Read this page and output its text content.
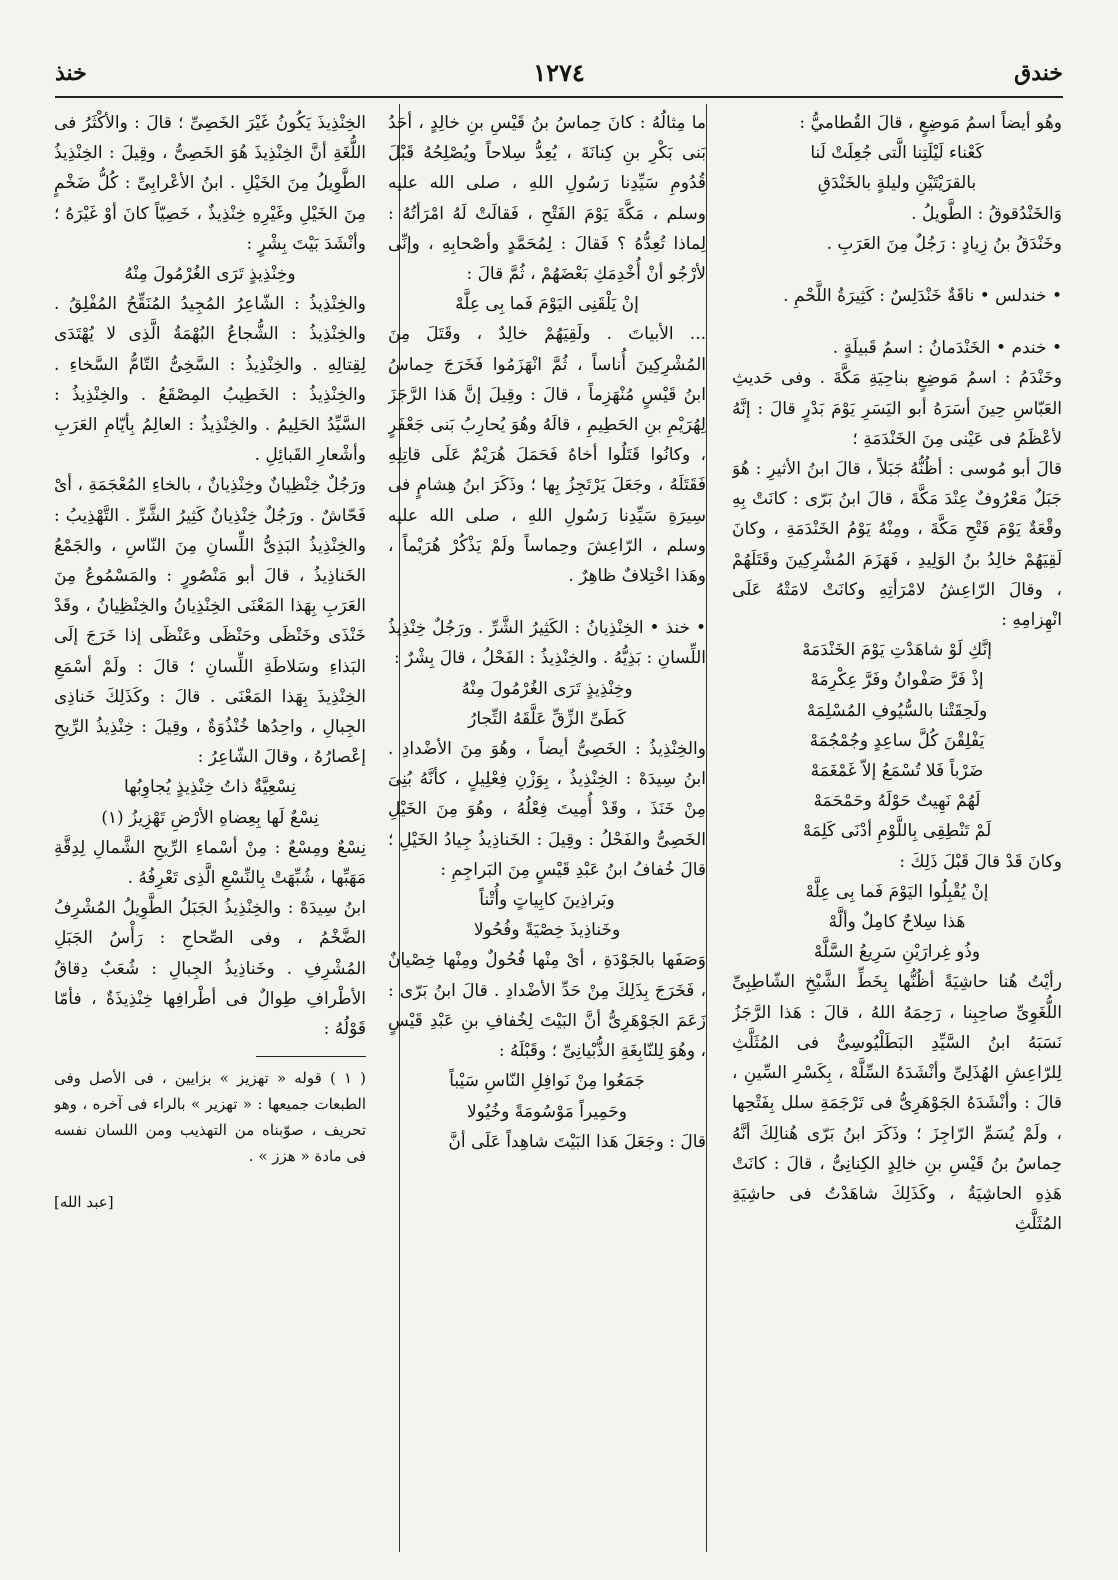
خندق
١٢٧٤
خنذ
وهُو أيضاً اسمُ مَوضِعٍ ، قالَ القُطاميُّ :
كَعْناء لَيْلَتِنا الَّتى جُعِلَتْ لَنا
بالقرَيْتَيْنِ وليلةٍ بالخَنْدَقِ
وَالخَنْدُقوقُ : الطَّويلُ .
وخَنْدَقُ بنُ زِيادٍ : رَجُلٌ مِنَ العَرَبِ .
• خندلس • ناقَةٌ خَنْدَلِسٌ : كَثِيرَةُ اللَّحْمِ .
• خندم • الخَنْدَمانُ : اسمُ قَبيلَةٍ .
وخَنْدَمُ : اسمُ مَوضِعٍ بناحِيَةِ مَكَّةَ . وفى حَديثِ العَبّاسِ حِينَ أسَرَهُ أبو اليَسَرِ يَوْمَ بَدْرٍ قالَ : إنَّهُ لأعْظَمُ فى عَيْنى مِنَ الخَنْدَمَةِ ؛
قالَ أبو مُوسى : أظُنُّهُ جَبَلاً ، قالَ ابنُ الأثيرِ : هُوَ جَبَلٌ مَعْرُوفٌ عِنْدَ مَكَّةَ ، قالَ ابنُ بَرّى : كانَتْ بِهِ وقْعَةٌ يَوْمَ فَتْحِ مَكَّةَ ، ومِنْهُ يَوْمُ الخَنْدَمَةِ ، وكانَ لَقِيَهُمْ خالِدُ بنُ الوَلِيدِ ، فَهَزَمَ المُشْرِكِينَ وقَتَلَهُمْ ، وقالَ الرّاعِشُ لامْرَأتِهِ وكانَتْ لامَتْهُ عَلَى انْهِزامِهِ :
إنَّكِ لَوْ شاهَدْتِ يَوْمَ الخَنْدَمَهْ
إذْ فَرَّ صَفْوانُ وفَرَّ عِكْرِمَهْ
ولَحِقَتْنا بالسُّيُوفِ المُسْلِمَهْ
يَفْلِقْنَ كُلَّ ساعِدٍ وجُمْجُمَهْ
ضَرْباً فَلا تُسْمَعُ إلاّ غَمْغَمَهْ
لَهُمْ نَهِيتٌ حَوْلَهُ وحَمْحَمَهْ
لَمْ تَنْطِقِى بِاللَّوْمِ أدْنَى كَلِمَهْ
وكانَ قَدْ قالَ قَبْلَ ذَلِكَ :
إنْ يُقْبِلُوا اليَوْمَ فَما بِى عِلَّهْ
هَذا سِلاحٌ كامِلٌ وألَّهْ
وذُو غِرارَيْنِ سَرِيعُ السَّلَّهْ
رأيْتُ هُنا حاشِيَةً أظُنُّها بِخَطِّ الشَّيْخِ الشّاطِبِىِّ اللُّغَوِىِّ صاحِبِنا ، رَحِمَهُ اللهُ ، قالَ : هَذا الرَّجَزُ نَسَبَهُ ابنُ السَّيِّدِ البَطَلْيُوسِىُّ فى المُثَلَّثِ لِلرّاعِشِ الهُذَلِىِّ وأنْشَدَهُ السِّلَّهْ ، بِكَسْرِ السِّينِ ، قالَ : وأنْشَدَهُ الجَوْهَرِىُّ فى تَرْجَمَةِ سلل بِفَتْحِها ، ولَمْ يُسَمِّ الرّاجِزَ ؛ وذَكَرَ ابنُ بَرّى هُنالِكَ أنَّهُ حِماسُ بنُ قَيْسِ بنِ خالِدٍ الكِنانِىُّ ، قالَ : كانَتْ هَذِهِ الحاشِيَةُ ، وكَذَلِكَ شاهَدْتُ فى حاشِيَةِ المُثَلَّثِ
ما مِثالُهُ : كانَ حِماسُ بنُ قَيْسِ بنِ خالِدٍ ، أحَدُ بَنى بَكْرِ بنِ كِنانَةَ ، يُعِدُّ سِلاحاً ويُصْلِحُهُ قَبْلَ قُدُومِ سَيِّدِنا رَسُولِ اللهِ ، صلى الله عليه وسلم ، مَكَّةَ يَوْمَ الفَتْحِ ، فَقالَتْ لَهُ امْرَأتُهُ : لِماذا تُعِدُّهُ ؟ فَقالَ : لِمُحَمَّدٍ وأصْحابِهِ ، وإنِّى لأرْجُو أنْ أُخْدِمَكِ بَعْضَهُمْ ، ثُمَّ قالَ :
إنْ يَلْقَنِى اليَوْمَ فَما بِى عِلَّهْ
... الأبياتَ . ولَقِيَهُمْ خالِدٌ ، وقَتَلَ مِنَ المُشْرِكِينَ أُناساً ، ثُمَّ انْهَزَمُوا فَخَرَجَ حِماسُ ابنُ قَيْسٍ مُنْهَزِماً ، قالَ : وقِيلَ إنَّ هَذا الرَّجَزَ لِهُرَيْمِ بنِ الحَطِيمِ ، قالَهُ وهُوَ يُحارِبُ بَنى جَعْفَرٍ ، وكانُوا قَتَلُوا أخاهُ فَحَمَلَ هُرَيْمٌ عَلَى قاتِلِهِ فَقَتَلَهُ ، وجَعَلَ يَرْتَجِزُ بِها ؛ وذَكَرَ ابنُ هِشامٍ فى سِيرَةِ سَيِّدِنا رَسُولِ اللهِ ، صلى الله عليه وسلم ، الرّاعِشَ وحِماساً ولَمْ يَذْكُرْ هُرَيْماً ، وهَذا اخْتِلافٌ ظاهِرٌ .
• خنذ • الخِنْذِيانُ : الكَثِيرُ الشَّرِّ . ورَجُلٌ خِنْذِيذُ اللِّسانِ : بَذِيُّهُ . والخِنْذِيذُ : الفَحْلُ ، قالَ بِشْرٌ :
وخِنْذِيذٍ تَرَى الغُرْمُولَ مِنْهُ
كَطَىِّ الزِّقِّ عَلَّقَهُ التِّجارُ
والخِنْذِيذُ : الخَصِىُّ أيضاً ، وهُوَ مِنَ الأضْدادِ . ابنُ سِيدَهْ : الخِنْذِيذُ ، بِوَزْنِ فِعْلِيلٍ ، كأنَّهُ بُنِىَ مِنْ خَنَذَ ، وقَدْ أُمِيتَ فِعْلُهُ ، وهُوَ مِنَ الخَيْلِ الخَصِىُّ والفَحْلُ : وقِيلَ : الخَناذِيذُ جِيادُ الخَيْلِ ؛ قالَ خُفافُ ابنُ عَبْدِ قَيْسٍ مِنَ البَراجِمِ :
وبَراذِينَ كابِياتٍ وأُتْناً
وخَناذِيذَ خِصْيَةً وفُحُولا
وَصَفَها بالجَوْدَةِ ، أىْ مِنْها فُحُولٌ ومِنْها خِصْيانٌ ، فَخَرَجَ بِذَلِكَ مِنْ حَدِّ الأضْدادِ . قالَ ابنُ بَرّى : زَعَمَ الجَوْهَرِىُّ أنَّ البَيْتَ لِخُفافِ بنِ عَبْدِ قَيْسٍ ، وهُوَ لِلنّابِغَةِ الذُّبْيانِىِّ ؛ وقَبْلَهُ :
جَمَعُوا مِنْ نَوافِلِ النّاسِ سَيْباً
وحَمِيراً مَوْسُومَةً وخُيُولا
قالَ : وجَعَلَ هَذا البَيْتَ شاهِداً عَلَى أنَّ
الخِنْذِيذَ يَكُونُ غَيْرَ الخَصِىِّ ؛ قالَ : والأكْثَرُ فى اللُّغَةِ أنَّ الخِنْذِيذَ هُوَ الخَصِىُّ ، وقِيلَ : الخِنْذِيذُ الطَّوِيلُ مِنَ الخَيْلِ . ابنُ الأعْرابِىِّ : كُلُّ ضَخْمٍ مِنَ الخَيْلِ وغَيْرِهِ خِنْذِيذٌ ، خَصِيّاً كانَ أوْ غَيْرَهُ ؛ وأنْشَدَ بَيْتَ بِشْرٍ :
وخِنْذِيذٍ تَرَى الغُرْمُولَ مِنْهُ
والخِنْذِيذُ : الشّاعِرُ المُجِيدُ المُنَقِّحُ المُفْلِقُ . والخِنْذِيذُ : الشُّجاعُ البُهْمَةُ الَّذِى لا يُهْتَدَى لِقِتالِهِ . والخِنْذِيذُ : السَّخِىُّ التّامُّ السَّخاءِ . والخِنْذِيذُ : الخَطِيبُ المِصْقَعُ . والخِنْذِيذُ : السَّيِّدُ الحَلِيمُ . والخِنْذِيذُ : العالِمُ بِأيّامِ العَرَبِ وأشْعارِ القَبائِلِ .
ورَجُلٌ خِنْظِيانٌ وخِنْذِيانٌ ، بالخاءِ المُعْجَمَةِ ، أىْ فَحّاشٌ . ورَجُلٌ خِنْذِيانٌ كَثِيرُ الشَّرِّ . التَّهْذِيبُ : والخِنْذِيذُ البَذِىُّ اللِّسانِ مِنَ النّاسِ ، والجَمْعُ الخَناذِيذُ ، قالَ أبو مَنْصُورٍ : والمَسْمُوعُ مِنَ العَرَبِ بِهَذا المَعْنَى الخِنْذِيانُ والخِنْظِيانُ ، وقَدْ خَنْذَى وخَنْظَى وحَنْظَى وعَنْظَى إذا خَرَجَ إلَى البَذاءِ وسَلاطَةِ اللِّسانِ ؛ قالَ : ولَمْ أسْمَعِ الخِنْذِيذَ بِهَذا المَعْنَى . قالَ : وكَذَلِكَ خَناذِى الجِبالِ ، واحِدُها خُنْذُوَةٌ ، وقِيلَ : خِنْذِيذُ الرِّيحِ إعْصارُهُ ، وقالَ الشّاعِرُ :
نِسْعِيَّةٌ ذاتُ خِنْذِيذٍ يُجاوِبُها
نِسْعٌ لَها بِعِضاهِ الأرْضِ تَهْزِيزُ (١)
نِسْعٌ ومِسْعٌ : مِنْ أسْماءِ الرِّيحِ الشَّمالِ لِدِقَّةِ مَهَبِّها ، شُبِّهَتْ بِالنِّسْعِ الَّذِى تَعْرِفُهُ .
ابنُ سِيدَهْ : والخِنْذِيذُ الجَبَلُ الطَّوِيلُ المُشْرِفُ الضَّخْمُ ، وفى الصِّحاحِ : رَأْسُ الجَبَلِ المُشْرِفِ . وخَناذِيذُ الجِبالِ : شُعَبٌ دِقاقُ الأطْرافِ طِوالٌ فى أطْرافِها خِنْذِيذَةٌ ، فأمّا قَوْلُهُ :
( ١ ) قوله « تهزيز » بزايين ، فى الأصل وفى الطبعات جميعها : « تهزير » بالراء فى آخره ، وهو تحريف ، صوّبناه من التهذيب ومن اللسان نفسه فى مادة « هزز » .
[عبد الله]
